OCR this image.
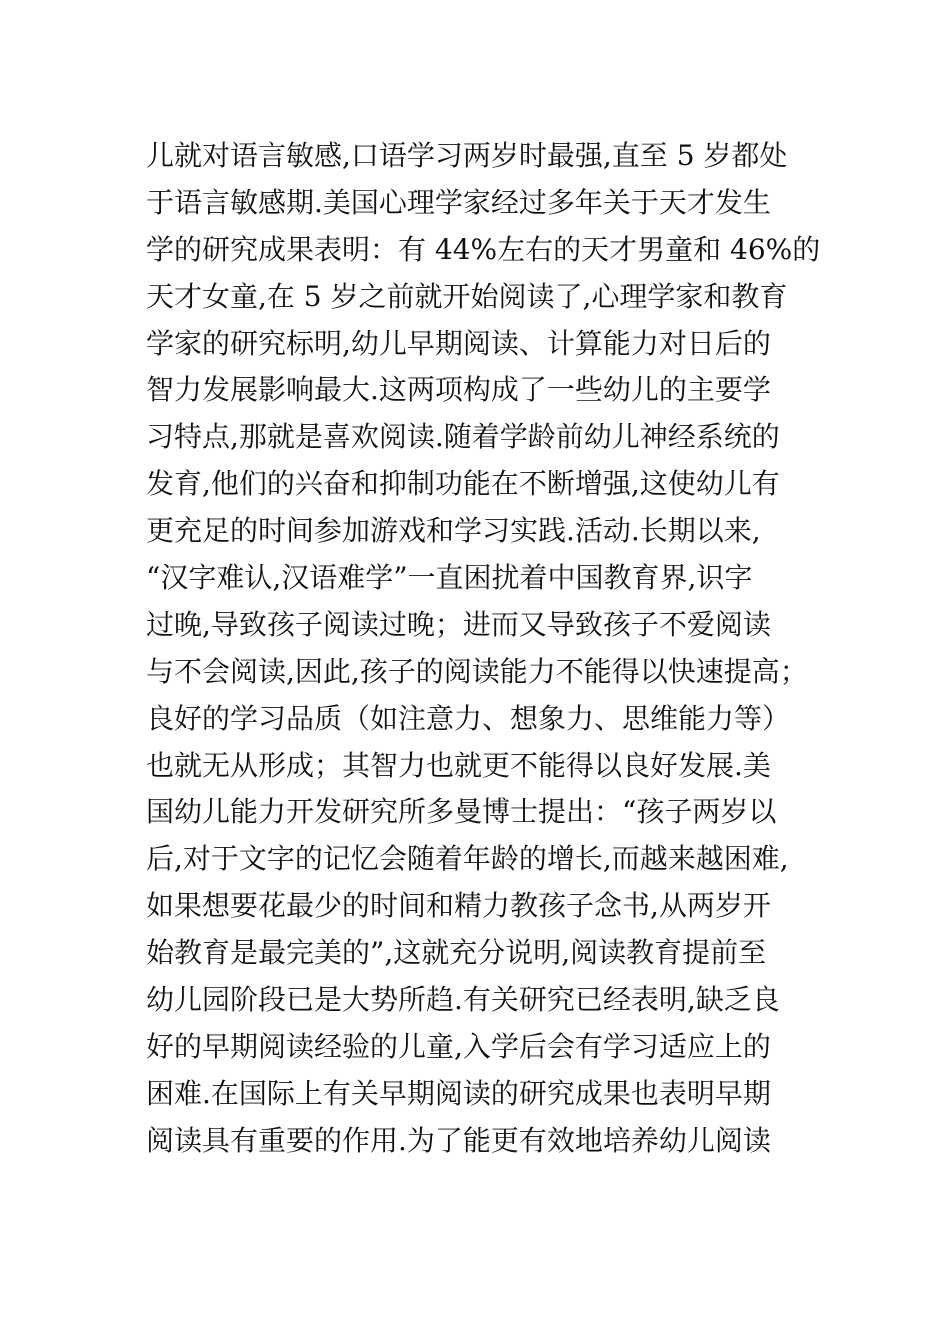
儿就对语言敏感,口语学习两岁时最强,直至 5 岁都处
于语言敏感期.美国心理学家经过多年关于天才发生
学的研究成果表明：有 44%左右的天才男童和 46%的
天才女童,在 5 岁之前就开始阅读了,心理学家和教育
学家的研究标明,幼儿早期阅读、计算能力对日后的
智力发展影响最大.这两项构成了一些幼儿的主要学
习特点,那就是喜欢阅读.随着学龄前幼儿神经系统的
发育,他们的兴奋和抑制功能在不断增强,这使幼儿有
更充足的时间参加游戏和学习实践.活动.长期以来,
“汉字难认,汉语难学”一直困扰着中国教育界,识字
过晚,导致孩子阅读过晚；进而又导致孩子不爱阅读
与不会阅读,因此,孩子的阅读能力不能得以快速提高；
良好的学习品质（如注意力、想象力、思维能力等）
也就无从形成；其智力也就更不能得以良好发展.美
国幼儿能力开发研究所多曼博士提出：“孩子两岁以
后,对于文字的记忆会随着年龄的增长,而越来越困难,
如果想要花最少的时间和精力教孩子念书,从两岁开
始教育是最完美的”,这就充分说明,阅读教育提前至
幼儿园阶段已是大势所趋.有关研究已经表明,缺乏良
好的早期阅读经验的儿童,入学后会有学习适应上的
困难.在国际上有关早期阅读的研究成果也表明早期
阅读具有重要的作用.为了能更有效地培养幼儿阅读
